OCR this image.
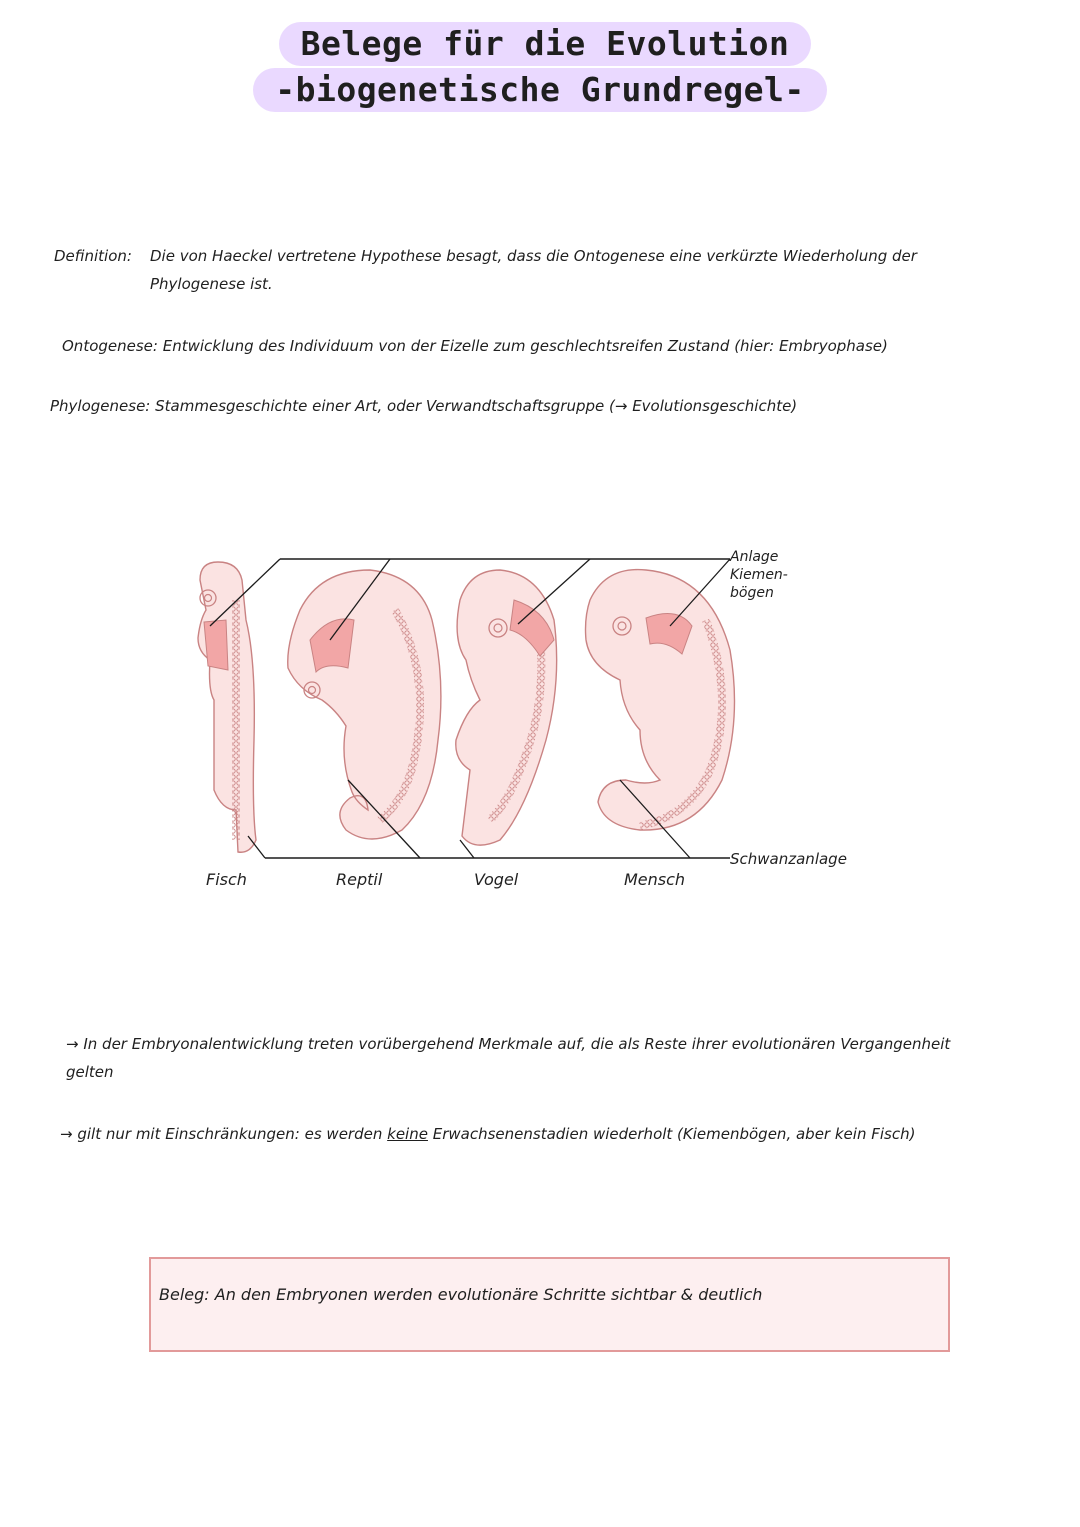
Belege für die Evolution
-biogenetische Grundregel-
Definition: Die von Haeckel vertretene Hypothese besagt, dass die Ontogenese eine verkürzte Wiederholung der Phylogenese ist.
Ontogenese: Entwicklung des Individuum von der Eizelle zum geschlechtsreifen Zustand (hier: Embryophase)
Phylogenese: Stammesgeschichte einer Art, oder Verwandtschaftsgruppe (→ Evolutionsgeschichte)
Anlage
Kiemen-
bögen
Schwanzanlage
Fisch	Reptil	Vogel	Mensch
→ In der Embryonalentwicklung treten vorübergehend Merkmale auf, die als Reste ihrer evolutionären Vergangenheit gelten
→ gilt nur mit Einschränkungen: es werden keine Erwachsenenstadien wiederholt (Kiemenbögen, aber kein Fisch)
Beleg: An den Embryonen werden evolutionäre Schritte sichtbar & deutlich
